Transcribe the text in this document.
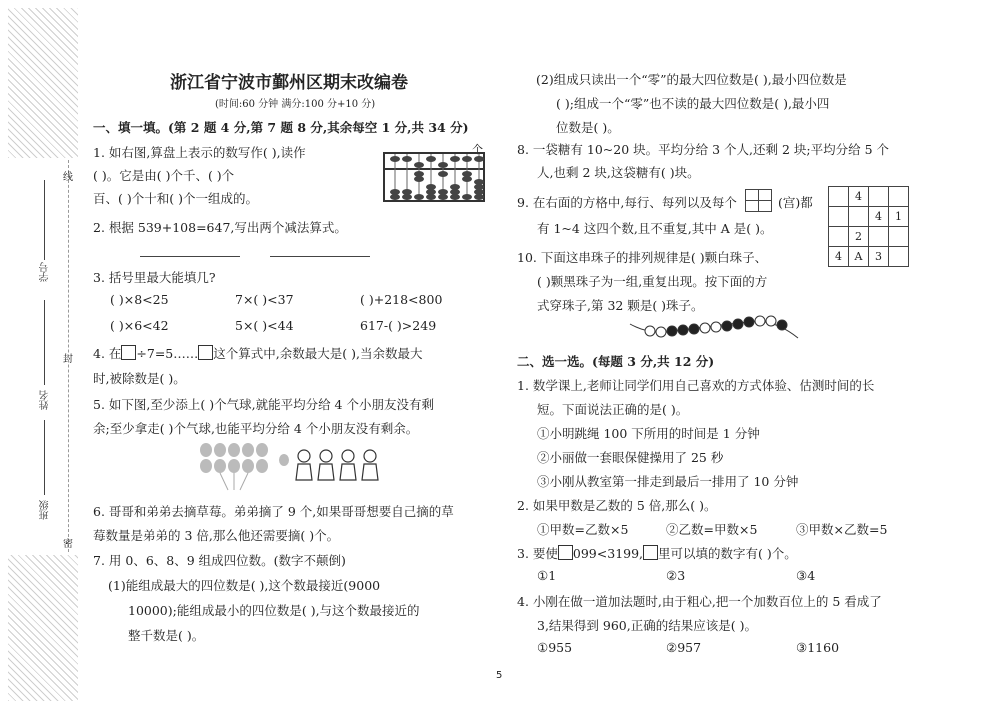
线
封
密
学号
姓名
班级
浙江省宁波市鄞州区期末改编卷
(时间:60 分钟 满分:100 分+10 分)
一、填一填。(第 2 题 4 分,第 7 题 8 分,其余每空 1 分,共 34 分)
1. 如右图,算盘上表示的数写作( ),读作
( )。它是由( )个千、( )个
百、( )个十和( )个一组成的。
个
2. 根据 539+108=647,写出两个减法算式。
3. 括号里最大能填几?
( )×8<25	7×( )<37	( )+218<800
( )×6<42	5×( )<44	617-( )>249
4. 在 ÷7=5…… 这个算式中,余数最大是( ),当余数最大
时,被除数是( )。
5. 如下图,至少添上( )个气球,就能平均分给 4 个小朋友没有剩
余;至少拿走( )个气球,也能平均分给 4 个小朋友没有剩余。
6. 哥哥和弟弟去摘草莓。弟弟摘了 9 个,如果哥哥想要自己摘的草
莓数量是弟弟的 3 倍,那么他还需要摘( )个。
7. 用 0、6、8、9 组成四位数。(数字不颠倒)
(1)能组成最大的四位数是( ),这个数最接近(9000
10000);能组成最小的四位数是( ),与这个数最接近的
整千数是( )。
(2)组成只读出一个“零”的最大四位数是( ),最小四位数是
( );组成一个“零”也不读的最大四位数是( ),最小四
位数是( )。
8. 一袋糖有 10~20 块。平均分给 3 个人,还剩 2 块;平均分给 5 个
人,也剩 2 块,这袋糖有( )块。
9. 在右面的方格中,每行、每列以及每个

		(宫)都
有 1~4 这四个数,且不重复,其中 A 是( )。
	4		
		4	1
	2		
4	A	3	
10. 下面这串珠子的排列规律是( )颗白珠子、
( )颗黑珠子为一组,重复出现。按下面的方
式穿珠子,第 32 颗是( )珠子。
二、选一选。(每题 3 分,共 12 分)
1. 数学课上,老师让同学们用自己喜欢的方式体验、估测时间的长
短。下面说法正确的是( )。
①小明跳绳 100 下所用的时间是 1 分钟
②小丽做一套眼保健操用了 25 秒
③小刚从教室第一排走到最后一排用了 10 分钟
2. 如果甲数是乙数的 5 倍,那么( )。
①甲数=乙数×5	②乙数=甲数×5	③甲数×乙数=5
3. 要使 099<3199, 里可以填的数字有( )个。
①1	②3	③4
4. 小刚在做一道加法题时,由于粗心,把一个加数百位上的 5 看成了
3,结果得到 960,正确的结果应该是( )。
①955	②957	③1160
5
